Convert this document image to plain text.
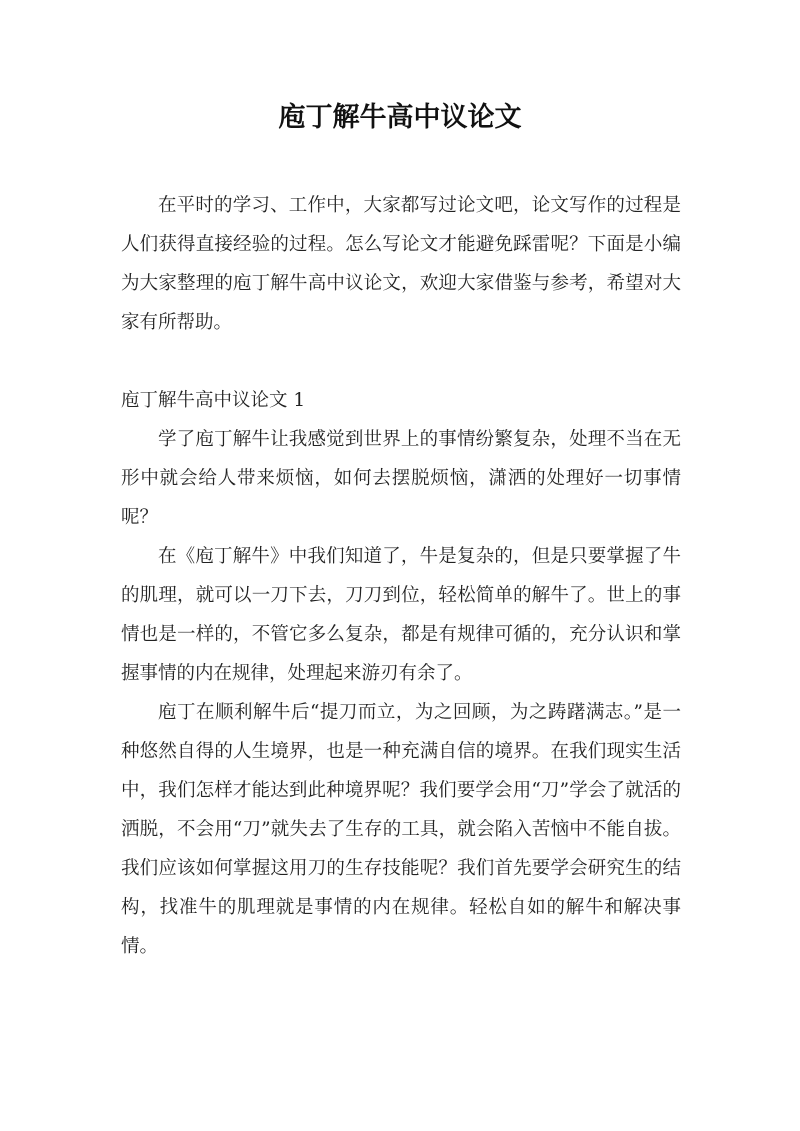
庖丁解牛高中议论文

在平时的学习、工作中，大家都写过论文吧，论文写作的过程是人们获得直接经验的过程。怎么写论文才能避免踩雷呢？下面是小编为大家整理的庖丁解牛高中议论文，欢迎大家借鉴与参考，希望对大家有所帮助。

庖丁解牛高中议论文 1

学了庖丁解牛让我感觉到世界上的事情纷繁复杂，处理不当在无形中就会给人带来烦恼，如何去摆脱烦恼，潇洒的处理好一切事情呢？

在《庖丁解牛》中我们知道了，牛是复杂的，但是只要掌握了牛的肌理，就可以一刀下去，刀刀到位，轻松简单的解牛了。世上的事情也是一样的，不管它多么复杂，都是有规律可循的，充分认识和掌握事情的内在规律，处理起来游刃有余了。

庖丁在顺利解牛后“提刀而立，为之回顾，为之踌躇满志。”是一种悠然自得的人生境界，也是一种充满自信的境界。在我们现实生活中，我们怎样才能达到此种境界呢？我们要学会用“刀”学会了就活的洒脱，不会用“刀”就失去了生存的工具，就会陷入苦恼中不能自拔。我们应该如何掌握这用刀的生存技能呢？我们首先要学会研究生的结构，找准牛的肌理就是事情的内在规律。轻松自如的解牛和解决事情。
